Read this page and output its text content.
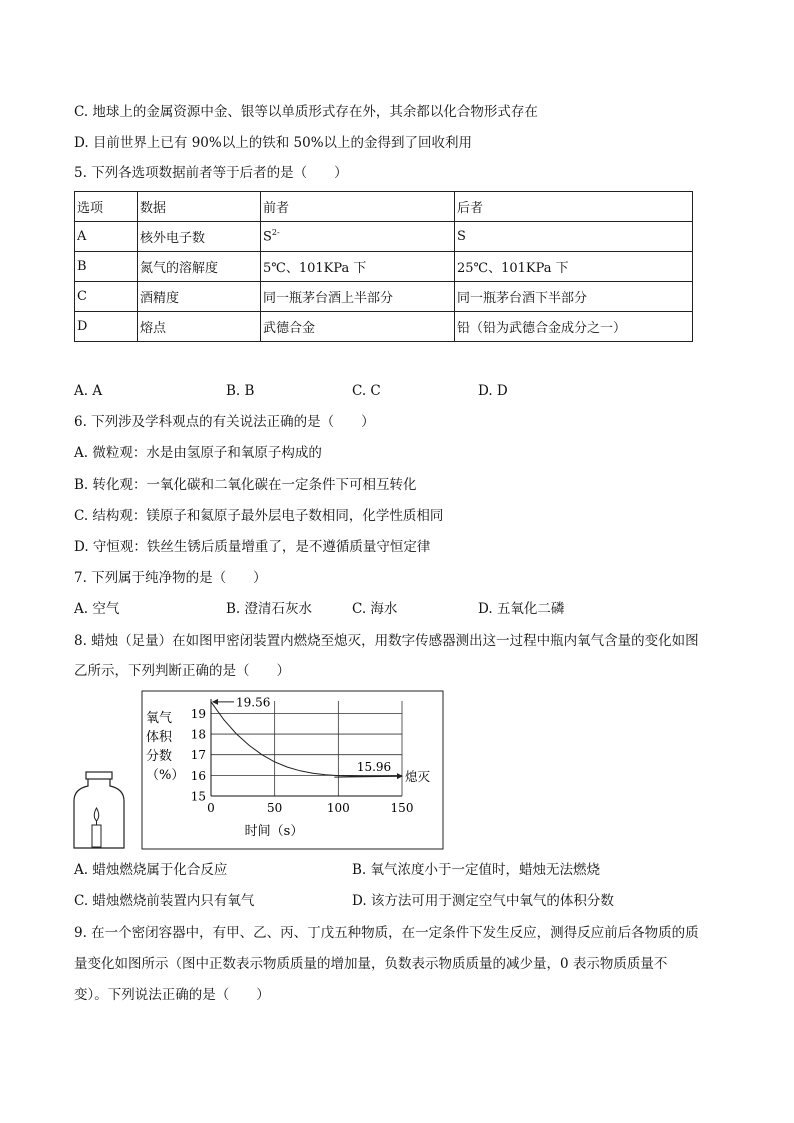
C. 地球上的金属资源中金、银等以单质形式存在外，其余都以化合物形式存在
D. 目前世界上已有 90%以上的铁和 50%以上的金得到了回收利用
5. 下列各选项数据前者等于后者的是（　　）
选项	数据	前者	后者
A	核外电子数	$S^{2-}$	S
B	氮气的溶解度	5℃、101KPa 下	25℃、101KPa 下
C	酒精度	同一瓶茅台酒上半部分	同一瓶茅台酒下半部分
D	熔点	武德合金	铅（铅为武德合金成分之一）
A. A	B. B	C. C	D. D
6. 下列涉及学科观点的有关说法正确的是（　　）
A. 微粒观：水是由氢原子和氧原子构成的
B. 转化观：一氧化碳和二氧化碳在一定条件下可相互转化
C. 结构观：镁原子和氦原子最外层电子数相同，化学性质相同
D. 守恒观：铁丝生锈后质量增重了，是不遵循质量守恒定律
7. 下列属于纯净物的是（　　）
A. 空气	B. 澄清石灰水	C. 海水	D. 五氧化二磷
8. 蜡烛（足量）在如图甲密闭装置内燃烧至熄灭，用数字传感器测出这一过程中瓶内氧气含量的变化如图
乙所示，下列判断正确的是（　　）
氧气
体积
分数
（%）
15
16
17
18
19
0	50	100	150
19.56
15.96
熄灭
时间（s）
A. 蜡烛燃烧属于化合反应	B. 氧气浓度小于一定值时，蜡烛无法燃烧
C. 蜡烛燃烧前装置内只有氧气	D. 该方法可用于测定空气中氧气的体积分数
9. 在一个密闭容器中，有甲、乙、丙、丁戊五种物质，在一定条件下发生反应，测得反应前后各物质的质
量变化如图所示（图中正数表示物质质量的增加量，负数表示物质质量的减少量，0 表示物质质量不
变）。下列说法正确的是（　　）
